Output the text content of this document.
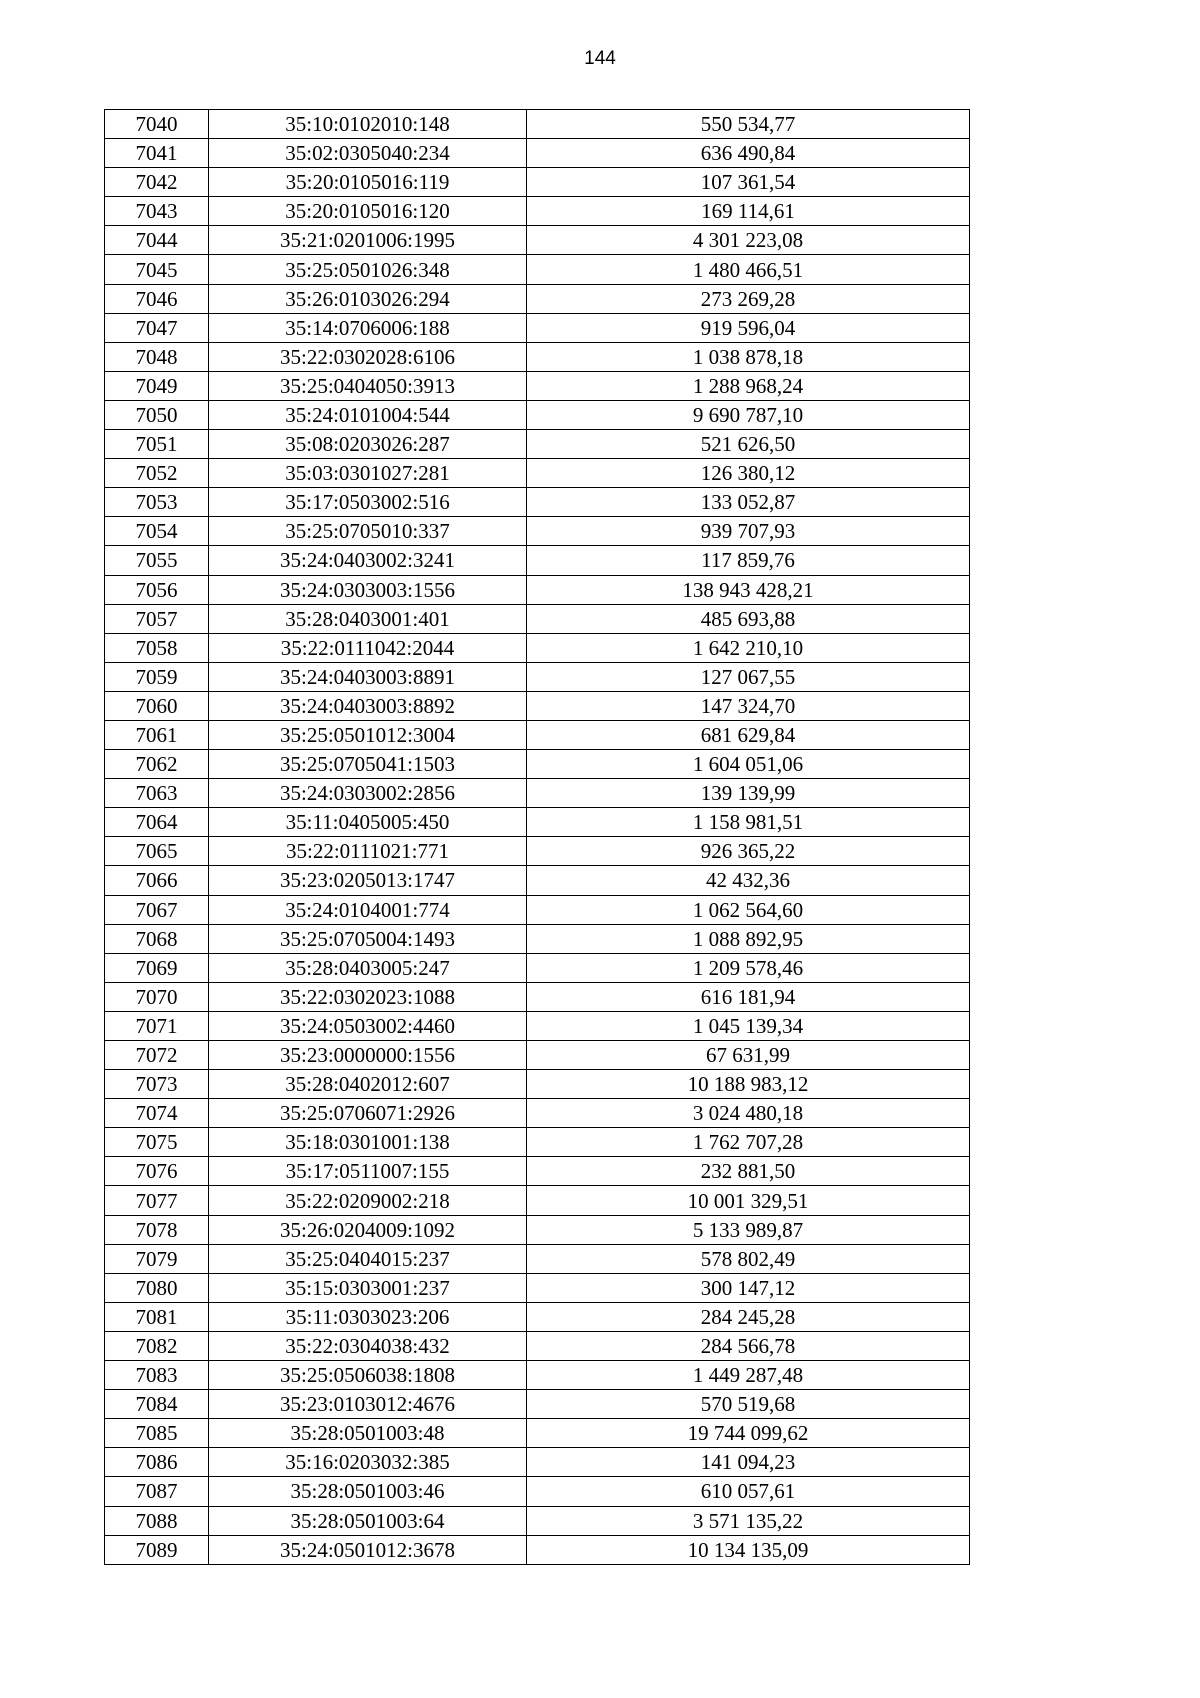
144
7040	35:10:0102010:148	550 534,77
7041	35:02:0305040:234	636 490,84
7042	35:20:0105016:119	107 361,54
7043	35:20:0105016:120	169 114,61
7044	35:21:0201006:1995	4 301 223,08
7045	35:25:0501026:348	1 480 466,51
7046	35:26:0103026:294	273 269,28
7047	35:14:0706006:188	919 596,04
7048	35:22:0302028:6106	1 038 878,18
7049	35:25:0404050:3913	1 288 968,24
7050	35:24:0101004:544	9 690 787,10
7051	35:08:0203026:287	521 626,50
7052	35:03:0301027:281	126 380,12
7053	35:17:0503002:516	133 052,87
7054	35:25:0705010:337	939 707,93
7055	35:24:0403002:3241	117 859,76
7056	35:24:0303003:1556	138 943 428,21
7057	35:28:0403001:401	485 693,88
7058	35:22:0111042:2044	1 642 210,10
7059	35:24:0403003:8891	127 067,55
7060	35:24:0403003:8892	147 324,70
7061	35:25:0501012:3004	681 629,84
7062	35:25:0705041:1503	1 604 051,06
7063	35:24:0303002:2856	139 139,99
7064	35:11:0405005:450	1 158 981,51
7065	35:22:0111021:771	926 365,22
7066	35:23:0205013:1747	42 432,36
7067	35:24:0104001:774	1 062 564,60
7068	35:25:0705004:1493	1 088 892,95
7069	35:28:0403005:247	1 209 578,46
7070	35:22:0302023:1088	616 181,94
7071	35:24:0503002:4460	1 045 139,34
7072	35:23:0000000:1556	67 631,99
7073	35:28:0402012:607	10 188 983,12
7074	35:25:0706071:2926	3 024 480,18
7075	35:18:0301001:138	1 762 707,28
7076	35:17:0511007:155	232 881,50
7077	35:22:0209002:218	10 001 329,51
7078	35:26:0204009:1092	5 133 989,87
7079	35:25:0404015:237	578 802,49
7080	35:15:0303001:237	300 147,12
7081	35:11:0303023:206	284 245,28
7082	35:22:0304038:432	284 566,78
7083	35:25:0506038:1808	1 449 287,48
7084	35:23:0103012:4676	570 519,68
7085	35:28:0501003:48	19 744 099,62
7086	35:16:0203032:385	141 094,23
7087	35:28:0501003:46	610 057,61
7088	35:28:0501003:64	3 571 135,22
7089	35:24:0501012:3678	10 134 135,09
